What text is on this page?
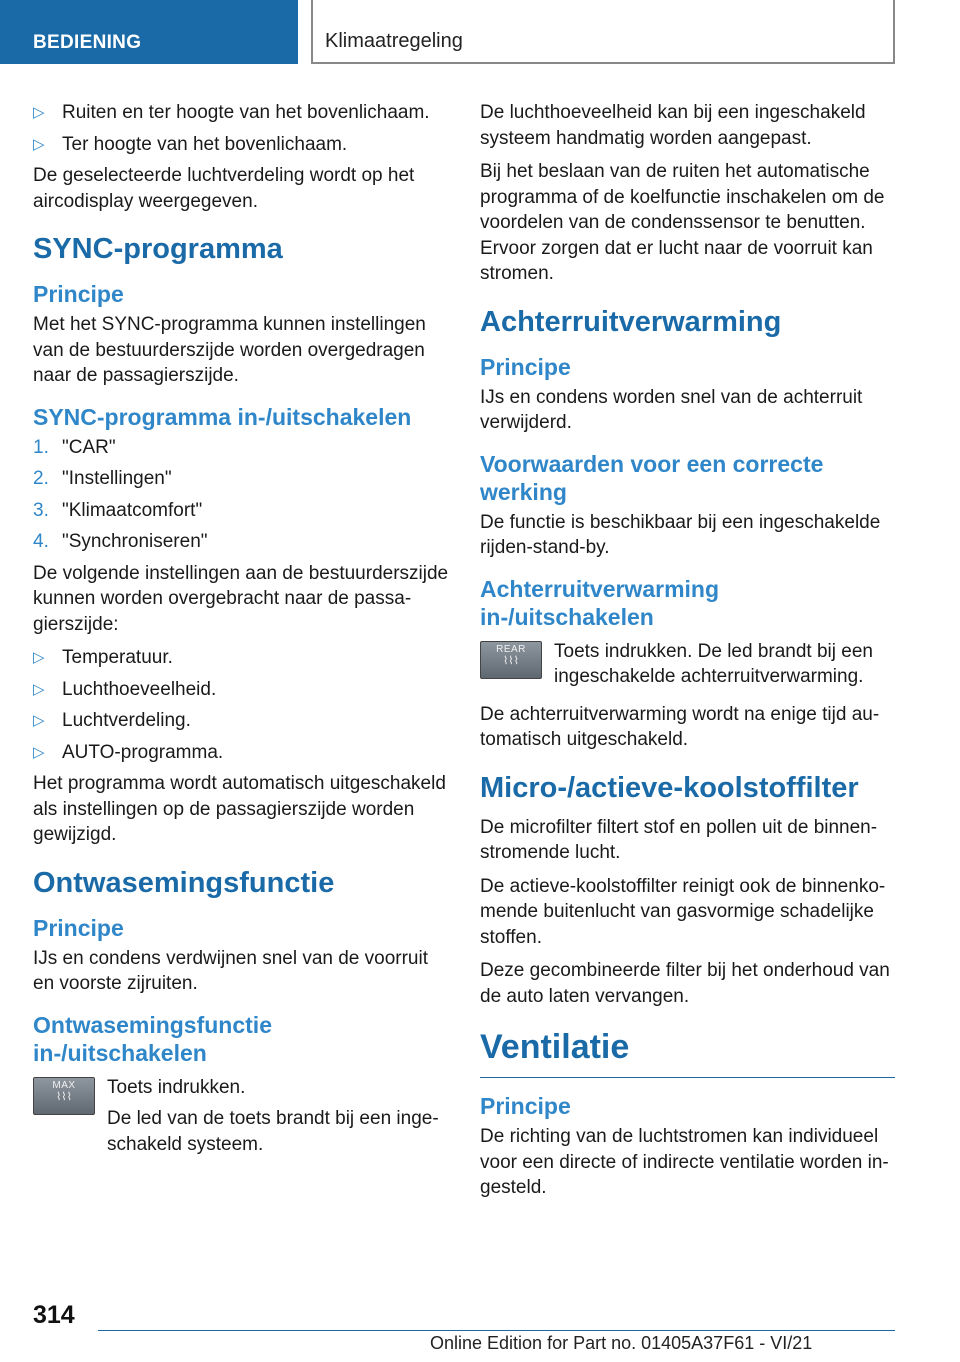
BEDIENING	Klimaatregeling
▷ Ruiten en ter hoogte van het bovenlichaam.
▷ Ter hoogte van het bovenlichaam.

De geselecteerde luchtverdeling wordt op het aircodisplay weergegeven.

SYNC-programma
Principe

Met het SYNC-programma kunnen instellingen van de bestuurderszijde worden overgedragen naar de passagierszijde.

SYNC-programma in-/uitschakelen
1. "CAR"
2. "Instellingen"
3. "Klimaatcomfort"
4. "Synchroniseren"

De volgende instellingen aan de bestuurderszijde kunnen worden overgebracht naar de passagierszijde:

▷ Temperatuur.
▷ Luchthoeveelheid.
▷ Luchtverdeling.
▷ AUTO-programma.

Het programma wordt automatisch uitgeschakeld als instellingen op de passagierszijde worden gewijzigd.

Ontwasemingsfunctie
Principe

IJs en condens verdwijnen snel van de voorruit en voorste zijruiten.

Ontwasemingsfunctie in-/uitschakelen
MAX
⌇⌇⌇	Toets indrukken.

De led van de toets brandt bij een ingeschakeld systeem.

De luchthoeveelheid kan bij een ingeschakeld systeem handmatig worden aangepast.

Bij het beslaan van de ruiten het automatische programma of de koelfunctie inschakelen om de voordelen van de condenssensor te benutten. Ervoor zorgen dat er lucht naar de voorruit kan stromen.

Achterruitverwarming
Principe

IJs en condens worden snel van de achterruit verwijderd.

Voorwaarden voor een correcte werking

De functie is beschikbaar bij een ingeschakelde rijden-stand-by.

Achterruitverwarming in-/uitschakelen
REAR
⌇⌇⌇	Toets indrukken. De led brandt bij een ingeschakelde achterruitverwarming.

De achterruitverwarming wordt na enige tijd automatisch uitgeschakeld.

Micro-/actieve-koolstoffilter

De microfilter filtert stof en pollen uit de binnenstromende lucht.

De actieve-koolstoffilter reinigt ook de binnenkomende buitenlucht van gasvormige schadelijke stoffen.

Deze gecombineerde filter bij het onderhoud van de auto laten vervangen.

Ventilatie
Principe

De richting van de luchtstromen kan individueel voor een directe of indirecte ventilatie worden ingesteld.

314
Online Edition for Part no. 01405A37F61 - VI/21
